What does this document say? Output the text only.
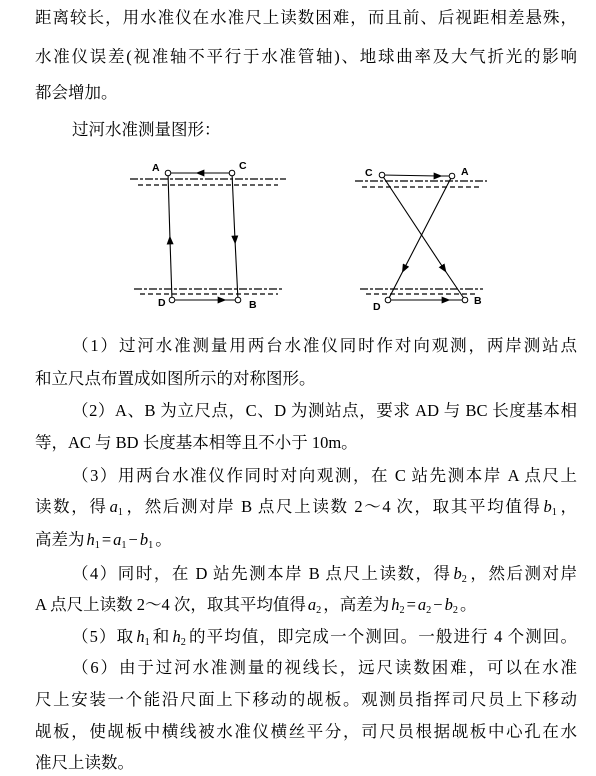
距离较长，用水准仪在水准尺上读数困难，而且前、后视距相差悬殊，
水准仪误差(视准轴不平行于水准管轴)、地球曲率及大气折光的影响
都会增加。
过河水准测量图形：
A	C
D	B
C	A
D	B
（1）过河水准测量用两台水准仪同时作对向观测，两岸测站点
和立尺点布置成如图所示的对称图形。
（2）A、B 为立尺点，C、D 为测站点，要求 AD 与 BC 长度基本相
等，AC 与 BD 长度基本相等且不小于 10m。
（3）用两台水准仪作同时对向观测，在 C 站先测本岸 A 点尺上
读数，得 $a_1$ ，然后测对岸 B 点尺上读数 2～4 次，取其平均值得 $b_1$ ，
高差为 $h_1 = a_1 - b_1$ 。
（4）同时，在 D 站先测本岸 B 点尺上读数，得 $b_2$ ，然后测对岸
A 点尺上读数 2～4 次，取其平均值得 $a_2$ ，高差为 $h_2 = a_2 - b_2$ 。
（5）取 $h_1$ 和 $h_2$ 的平均值，即完成一个测回。一般进行 4 个测回。
（6）由于过河水准测量的视线长，远尺读数困难，可以在水准
尺上安装一个能沿尺面上下移动的觇板。观测员指挥司尺员上下移动
觇板，使觇板中横线被水准仪横丝平分，司尺员根据觇板中心孔在水
准尺上读数。
